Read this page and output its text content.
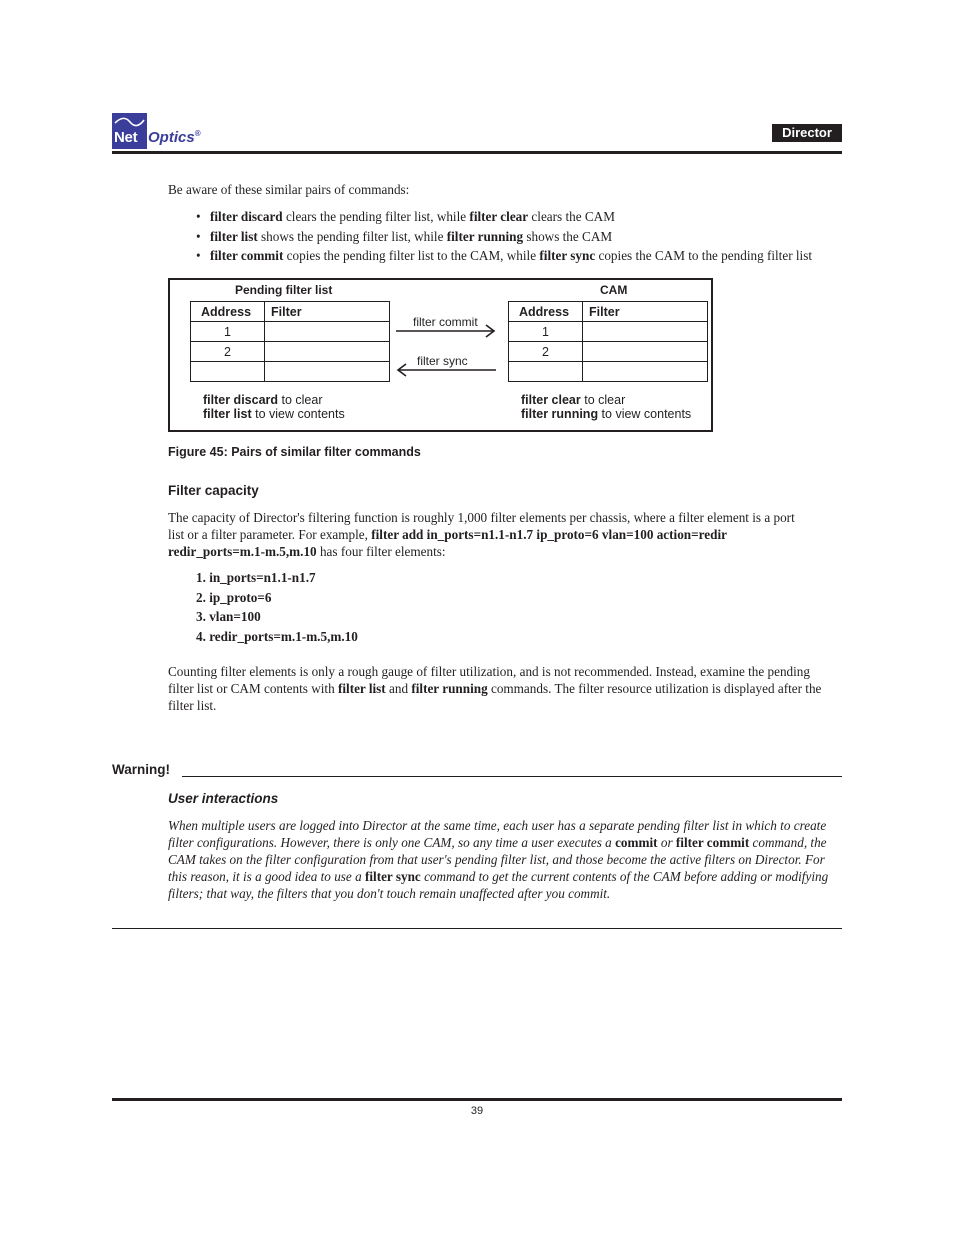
Net Optics®	Director
Be aware of these similar pairs of commands:
• filter discard clears the pending filter list, while filter clear clears the CAM
• filter list shows the pending filter list, while filter running shows the CAM
• filter commit copies the pending filter list to the CAM, while filter sync copies the CAM to the pending filter list
Pending filter list	CAM
Address	Filter
1	
2	

Address	Filter
1	
2	

filter commit
filter sync
filter discard to clear
filter list to view contents
filter clear to clear
filter running to view contents
Figure 45: Pairs of similar filter commands
Filter capacity
The capacity of Director's filtering function is roughly 1,000 filter elements per chassis, where a filter element is a port list or a filter parameter. For example, filter add in_ports=n1.1-n1.7 ip_proto=6 vlan=100 action=redir redir_ports=m.1-m.5,m.10 has four filter elements:
1. in_ports=n1.1-n1.7
2. ip_proto=6
3. vlan=100
4. redir_ports=m.1-m.5,m.10
Counting filter elements is only a rough gauge of filter utilization, and is not recommended. Instead, examine the pending filter list or CAM contents with filter list and filter running commands. The filter resource utilization is displayed after the filter list.
Warning!
User interactions
When multiple users are logged into Director at the same time, each user has a separate pending filter list in which to create filter configurations. However, there is only one CAM, so any time a user executes a commit or filter commit command, the CAM takes on the filter configuration from that user's pending filter list, and those become the active filters on Director. For this reason, it is a good idea to use a filter sync command to get the current contents of the CAM before adding or modifying filters; that way, the filters that you don't touch remain unaffected after you commit.
39
